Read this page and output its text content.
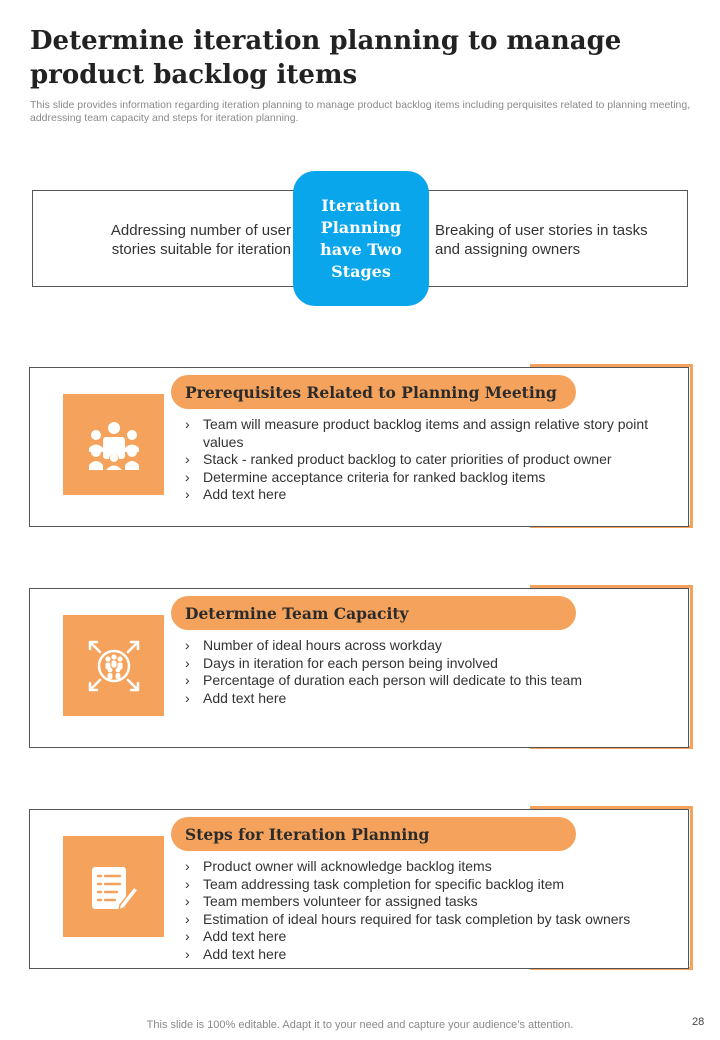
Determine iteration planning to manage product backlog items

This slide provides information regarding iteration planning to manage product backlog items including perquisites related to planning meeting, addressing team capacity and steps for iteration planning.

Addressing number of user stories suitable for iteration
Breaking of user stories in tasks and assigning owners
Iteration Planning have Two Stages
Prerequisites Related to Planning Meeting
› Team will measure product backlog items and assign relative story point values
› Stack - ranked product backlog to cater priorities of product owner
› Determine acceptance criteria for ranked backlog items
› Add text here
Determine Team Capacity
› Number of ideal hours across workday
› Days in iteration for each person being involved
› Percentage of duration each person will dedicate to this team
› Add text here
Steps for Iteration Planning
› Product owner will acknowledge backlog items
› Team addressing task completion for specific backlog item
› Team members volunteer for assigned tasks
› Estimation of ideal hours required for task completion by task owners
› Add text here
› Add text here
This slide is 100% editable. Adapt it to your need and capture your audience’s attention.	28
